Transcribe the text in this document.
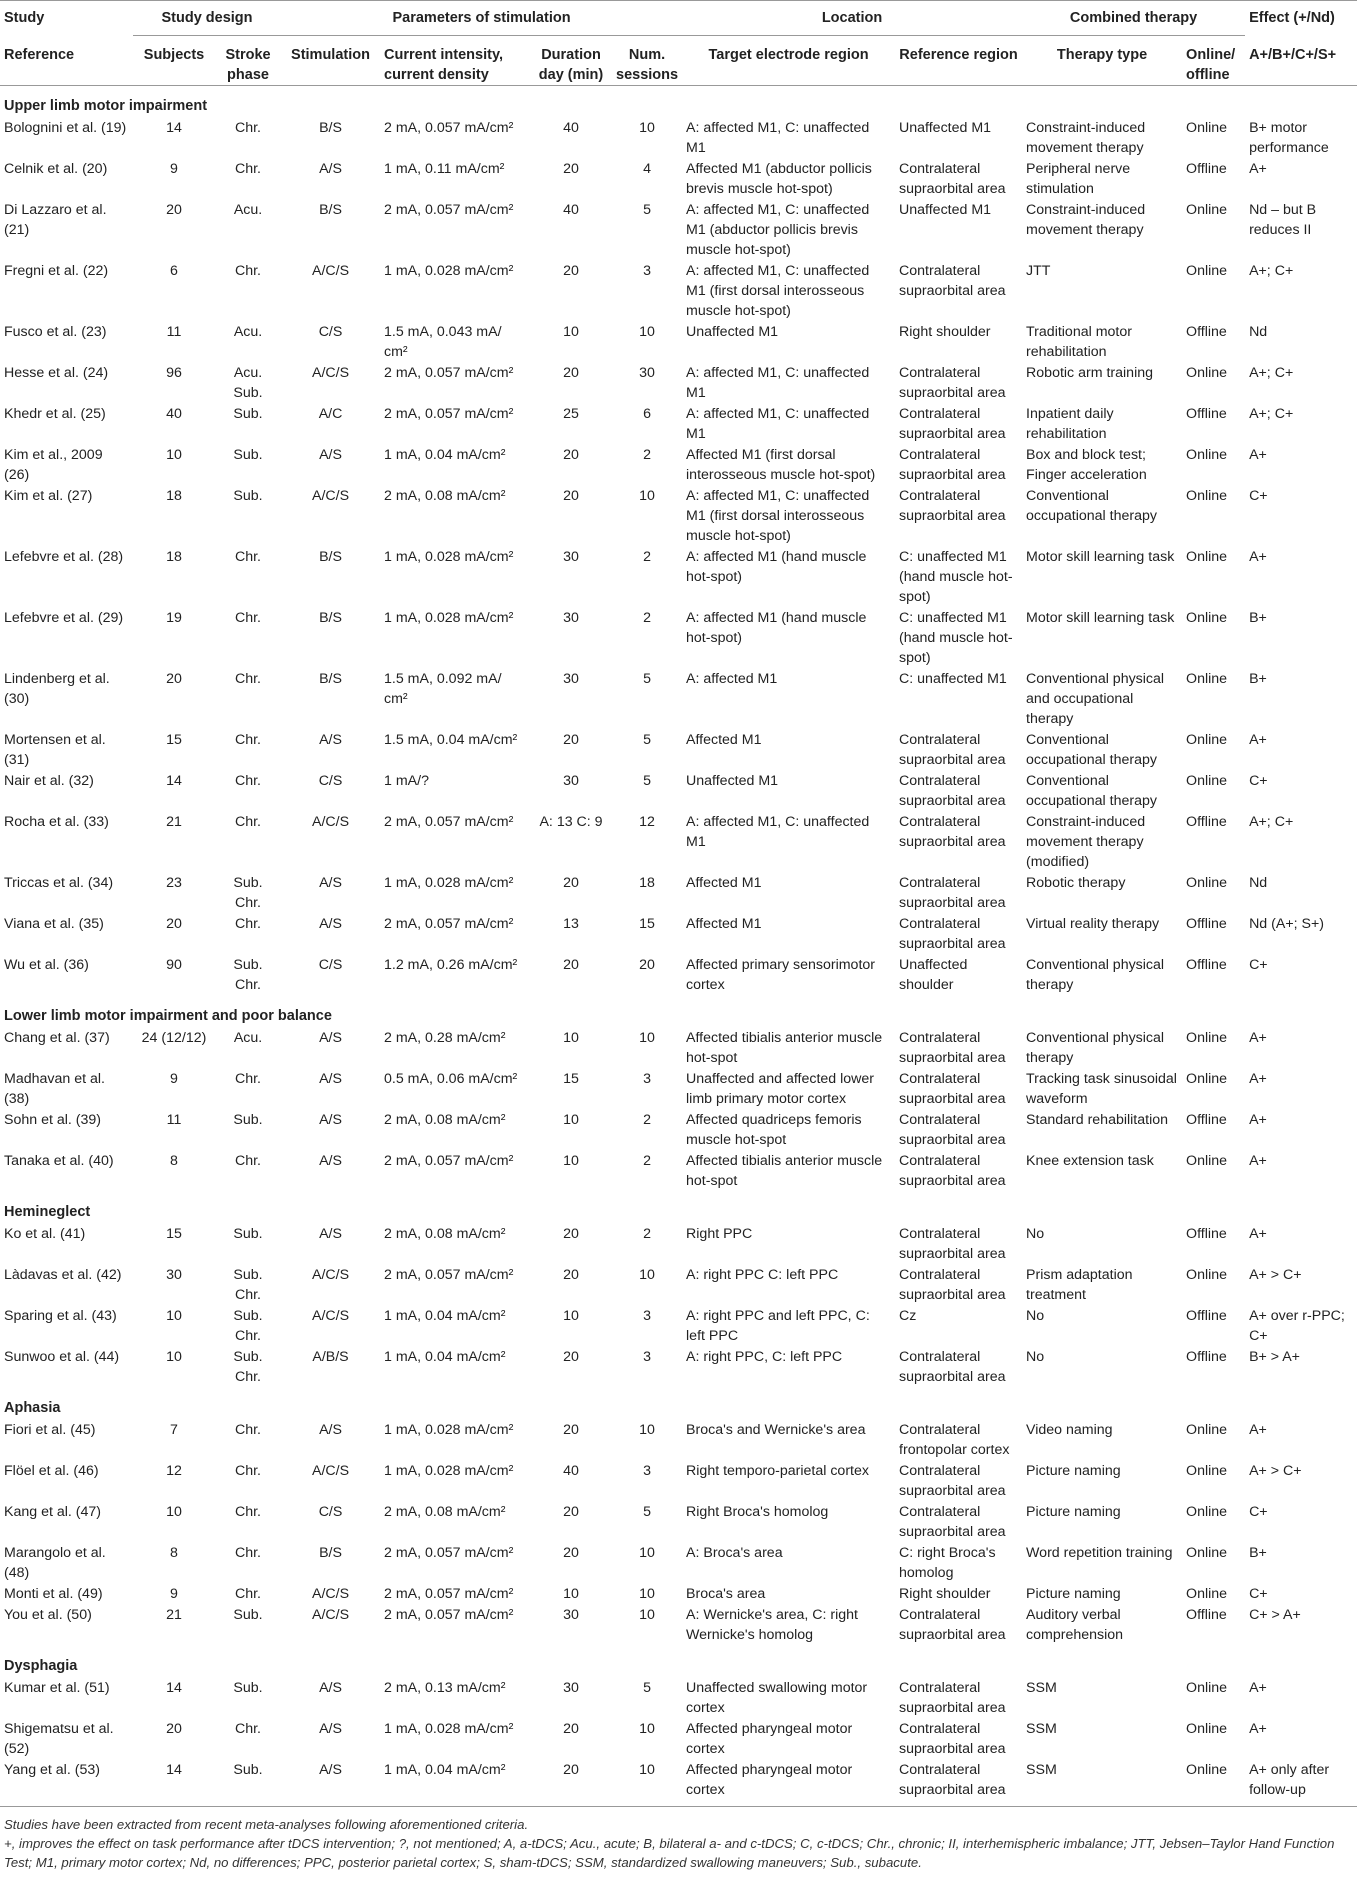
Study	Study design		Parameters of stimulation				Location		Combined therapy		Effect (+/Nd)
Reference	Subjects	Stroke phase	Stimulation	Current intensity, current density	Duration day (min)	Num. sessions	Target electrode region	Reference region	Therapy type	Online/ offline	A+/B+/C+/S+
Upper limb motor impairment											
Bolognini et al. (19)	14	Chr.	B/S	2 mA, 0.057 mA/cm²	40	10	A: affected M1, C: unaffected M1	Unaffected M1	Constraint-induced movement therapy	Online	B+ motor performance
Celnik et al. (20)	9	Chr.	A/S	1 mA, 0.11 mA/cm²	20	4	Affected M1 (abductor pollicis brevis muscle hot-spot)	Contralateral supraorbital area	Peripheral nerve stimulation	Offline	A+
Di Lazzaro et al. (21)	20	Acu.	B/S	2 mA, 0.057 mA/cm²	40	5	A: affected M1, C: unaffected M1 (abductor pollicis brevis muscle hot-spot)	Unaffected M1	Constraint-induced movement therapy	Online	Nd – but B reduces II
Fregni et al. (22)	6	Chr.	A/C/S	1 mA, 0.028 mA/cm²	20	3	A: affected M1, C: unaffected M1 (first dorsal interosseous muscle hot-spot)	Contralateral supraorbital area	JTT	Online	A+; C+
Fusco et al. (23)	11	Acu.	C/S	1.5 mA, 0.043 mA/ cm²	10	10	Unaffected M1	Right shoulder	Traditional motor rehabilitation	Offline	Nd
Hesse et al. (24)	96	Acu. Sub.	A/C/S	2 mA, 0.057 mA/cm²	20	30	A: affected M1, C: unaffected M1	Contralateral supraorbital area	Robotic arm training	Online	A+; C+
Khedr et al. (25)	40	Sub.	A/C	2 mA, 0.057 mA/cm²	25	6	A: affected M1, C: unaffected M1	Contralateral supraorbital area	Inpatient daily rehabilitation	Offline	A+; C+
Kim et al., 2009 (26)	10	Sub.	A/S	1 mA, 0.04 mA/cm²	20	2	Affected M1 (first dorsal interosseous muscle hot-spot)	Contralateral supraorbital area	Box and block test; Finger acceleration	Online	A+
Kim et al. (27)	18	Sub.	A/C/S	2 mA, 0.08 mA/cm²	20	10	A: affected M1, C: unaffected M1 (first dorsal interosseous muscle hot-spot)	Contralateral supraorbital area	Conventional occupational therapy	Online	C+
Lefebvre et al. (28)	18	Chr.	B/S	1 mA, 0.028 mA/cm²	30	2	A: affected M1 (hand muscle hot-spot)	C: unaffected M1 (hand muscle hot-spot)	Motor skill learning task	Online	A+
Lefebvre et al. (29)	19	Chr.	B/S	1 mA, 0.028 mA/cm²	30	2	A: affected M1 (hand muscle hot-spot)	C: unaffected M1 (hand muscle hot-spot)	Motor skill learning task	Online	B+
Lindenberg et al. (30)	20	Chr.	B/S	1.5 mA, 0.092 mA/ cm²	30	5	A: affected M1	C: unaffected M1	Conventional physical and occupational therapy	Online	B+
Mortensen et al. (31)	15	Chr.	A/S	1.5 mA, 0.04 mA/cm²	20	5	Affected M1	Contralateral supraorbital area	Conventional occupational therapy	Online	A+
Nair et al. (32)	14	Chr.	C/S	1 mA/?	30	5	Unaffected M1	Contralateral supraorbital area	Conventional occupational therapy	Online	C+
Rocha et al. (33)	21	Chr.	A/C/S	2 mA, 0.057 mA/cm²	A: 13 C: 9	12	A: affected M1, C: unaffected M1	Contralateral supraorbital area	Constraint-induced movement therapy (modified)	Offline	A+; C+
Triccas et al. (34)	23	Sub. Chr.	A/S	1 mA, 0.028 mA/cm²	20	18	Affected M1	Contralateral supraorbital area	Robotic therapy	Online	Nd
Viana et al. (35)	20	Chr.	A/S	2 mA, 0.057 mA/cm²	13	15	Affected M1	Contralateral supraorbital area	Virtual reality therapy	Offline	Nd (A+; S+)
Wu et al. (36)	90	Sub. Chr.	C/S	1.2 mA, 0.26 mA/cm²	20	20	Affected primary sensorimotor cortex	Unaffected shoulder	Conventional physical therapy	Offline	C+
Lower limb motor impairment and poor balance											
Chang et al. (37)	24 (12/12)	Acu.	A/S	2 mA, 0.28 mA/cm²	10	10	Affected tibialis anterior muscle hot-spot	Contralateral supraorbital area	Conventional physical therapy	Online	A+
Madhavan et al. (38)	9	Chr.	A/S	0.5 mA, 0.06 mA/cm²	15	3	Unaffected and affected lower limb primary motor cortex	Contralateral supraorbital area	Tracking task sinusoidal waveform	Online	A+
Sohn et al. (39)	11	Sub.	A/S	2 mA, 0.08 mA/cm²	10	2	Affected quadriceps femoris muscle hot-spot	Contralateral supraorbital area	Standard rehabilitation	Offline	A+
Tanaka et al. (40)	8	Chr.	A/S	2 mA, 0.057 mA/cm²	10	2	Affected tibialis anterior muscle hot-spot	Contralateral supraorbital area	Knee extension task	Online	A+
Hemineglect											
Ko et al. (41)	15	Sub.	A/S	2 mA, 0.08 mA/cm²	20	2	Right PPC	Contralateral supraorbital area	No	Offline	A+
Làdavas et al. (42)	30	Sub. Chr.	A/C/S	2 mA, 0.057 mA/cm²	20	10	A: right PPC C: left PPC	Contralateral supraorbital area	Prism adaptation treatment	Online	A+ > C+
Sparing et al. (43)	10	Sub. Chr.	A/C/S	1 mA, 0.04 mA/cm²	10	3	A: right PPC and left PPC, C: left PPC	Cz	No	Offline	A+ over r-PPC; C+
Sunwoo et al. (44)	10	Sub. Chr.	A/B/S	1 mA, 0.04 mA/cm²	20	3	A: right PPC, C: left PPC	Contralateral supraorbital area	No	Offline	B+ > A+
Aphasia											
Fiori et al. (45)	7	Chr.	A/S	1 mA, 0.028 mA/cm²	20	10	Broca's and Wernicke's area	Contralateral frontopolar cortex	Video naming	Online	A+
Flöel et al. (46)	12	Chr.	A/C/S	1 mA, 0.028 mA/cm²	40	3	Right temporo-parietal cortex	Contralateral supraorbital area	Picture naming	Online	A+ > C+
Kang et al. (47)	10	Chr.	C/S	2 mA, 0.08 mA/cm²	20	5	Right Broca's homolog	Contralateral supraorbital area	Picture naming	Online	C+
Marangolo et al. (48)	8	Chr.	B/S	2 mA, 0.057 mA/cm²	20	10	A: Broca's area	C: right Broca's homolog	Word repetition training	Online	B+
Monti et al. (49)	9	Chr.	A/C/S	2 mA, 0.057 mA/cm²	10	10	Broca's area	Right shoulder	Picture naming	Online	C+
You et al. (50)	21	Sub.	A/C/S	2 mA, 0.057 mA/cm²	30	10	A: Wernicke's area, C: right Wernicke's homolog	Contralateral supraorbital area	Auditory verbal comprehension	Offline	C+ > A+
Dysphagia											
Kumar et al. (51)	14	Sub.	A/S	2 mA, 0.13 mA/cm²	30	5	Unaffected swallowing motor cortex	Contralateral supraorbital area	SSM	Online	A+
Shigematsu et al. (52)	20	Chr.	A/S	1 mA, 0.028 mA/cm²	20	10	Affected pharyngeal motor cortex	Contralateral supraorbital area	SSM	Online	A+
Yang et al. (53)	14	Sub.	A/S	1 mA, 0.04 mA/cm²	20	10	Affected pharyngeal motor cortex	Contralateral supraorbital area	SSM	Online	A+ only after follow-up

Studies have been extracted from recent meta-analyses following aforementioned criteria.

+, improves the effect on task performance after tDCS intervention; ?, not mentioned; A, a-tDCS; Acu., acute; B, bilateral a- and c-tDCS; C, c-tDCS; Chr., chronic; II, interhemispheric imbalance; JTT, Jebsen–Taylor Hand Function Test; M1, primary motor cortex; Nd, no differences; PPC, posterior parietal cortex; S, sham-tDCS; SSM, standardized swallowing maneuvers; Sub., subacute.
